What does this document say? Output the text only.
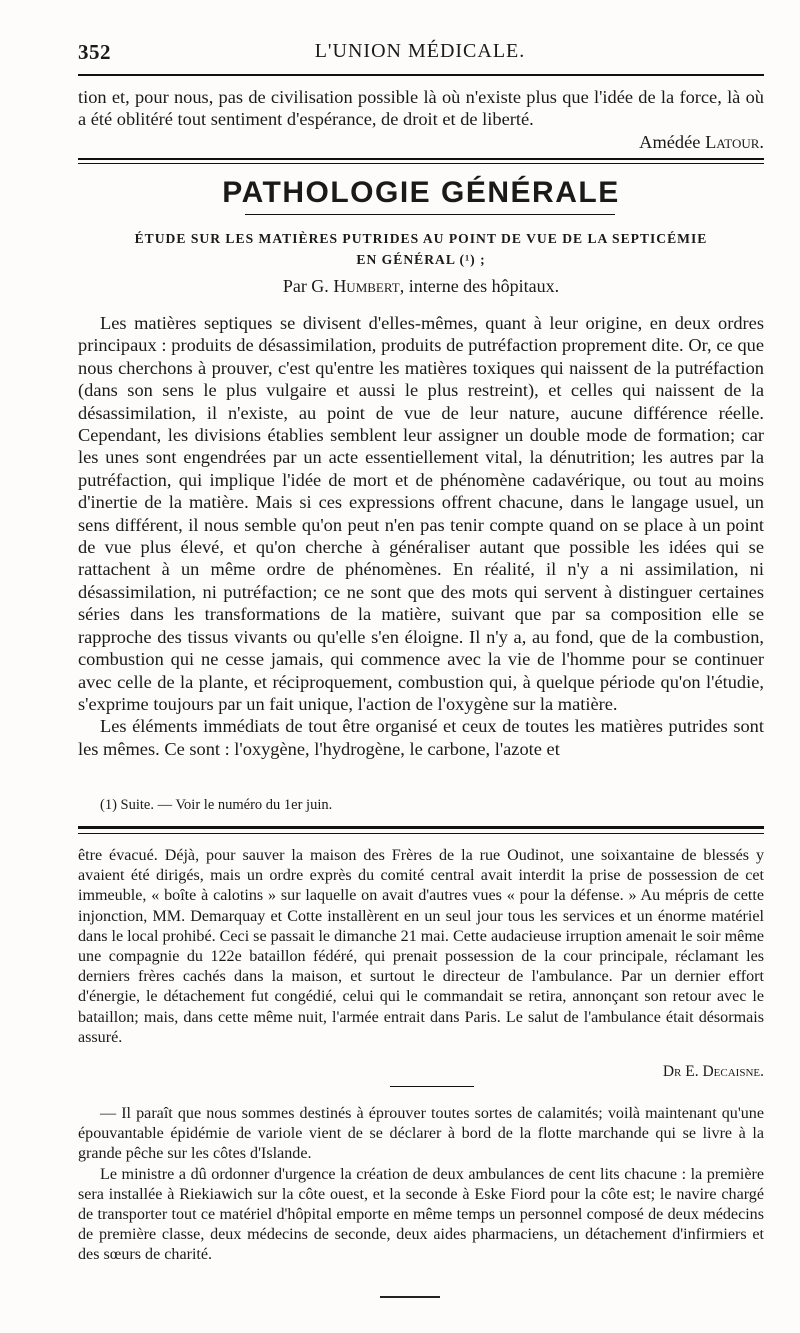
352	L'UNION MÉDICALE.

tion et, pour nous, pas de civilisation possible là où n'existe plus que l'idée de la force, là où a été oblitéré tout sentiment d'espérance, de droit et de liberté.

Amédée Latour.

PATHOLOGIE GÉNÉRALE
ÉTUDE SUR LES MATIÈRES PUTRIDES AU POINT DE VUE DE LA SEPTICÉMIE
EN GÉNÉRAL (¹) ;
Par G. Humbert, interne des hôpitaux.

Les matières septiques se divisent d'elles-mêmes, quant à leur origine, en deux ordres principaux : produits de désassimilation, produits de putréfaction proprement dite. Or, ce que nous cherchons à prouver, c'est qu'entre les matières toxiques qui naissent de la putréfaction (dans son sens le plus vulgaire et aussi le plus restreint), et celles qui naissent de la désassimilation, il n'existe, au point de vue de leur nature, aucune différence réelle. Cependant, les divisions établies semblent leur assigner un double mode de formation; car les unes sont engendrées par un acte essentiellement vital, la dénutrition; les autres par la putréfaction, qui implique l'idée de mort et de phénomène cadavérique, ou tout au moins d'inertie de la matière. Mais si ces expressions offrent chacune, dans le langage usuel, un sens différent, il nous semble qu'on peut n'en pas tenir compte quand on se place à un point de vue plus élevé, et qu'on cherche à généraliser autant que possible les idées qui se rattachent à un même ordre de phénomènes. En réalité, il n'y a ni assimilation, ni désassimilation, ni putréfaction; ce ne sont que des mots qui servent à distinguer certaines séries dans les transformations de la matière, suivant que par sa composition elle se rapproche des tissus vivants ou qu'elle s'en éloigne. Il n'y a, au fond, que de la combustion, combustion qui ne cesse jamais, qui commence avec la vie de l'homme pour se continuer avec celle de la plante, et réciproquement, combustion qui, à quelque période qu'on l'étudie, s'exprime toujours par un fait unique, l'action de l'oxygène sur la matière.

Les éléments immédiats de tout être organisé et ceux de toutes les matières putrides sont les mêmes. Ce sont : l'oxygène, l'hydrogène, le carbone, l'azote et

(1) Suite. — Voir le numéro du 1er juin.

être évacué. Déjà, pour sauver la maison des Frères de la rue Oudinot, une soixantaine de blessés y avaient été dirigés, mais un ordre exprès du comité central avait interdit la prise de possession de cet immeuble, « boîte à calotins » sur laquelle on avait d'autres vues « pour la défense. » Au mépris de cette injonction, MM. Demarquay et Cotte installèrent en un seul jour tous les services et un énorme matériel dans le local prohibé. Ceci se passait le dimanche 21 mai. Cette audacieuse irruption amenait le soir même une compagnie du 122e bataillon fédéré, qui prenait possession de la cour principale, réclamant les derniers frères cachés dans la maison, et surtout le directeur de l'ambulance. Par un dernier effort d'énergie, le détachement fut congédié, celui qui le commandait se retira, annonçant son retour avec le bataillon; mais, dans cette même nuit, l'armée entrait dans Paris. Le salut de l'ambulance était désormais assuré.

Dr E. Decaisne.

— Il paraît que nous sommes destinés à éprouver toutes sortes de calamités; voilà maintenant qu'une épouvantable épidémie de variole vient de se déclarer à bord de la flotte marchande qui se livre à la grande pêche sur les côtes d'Islande.

Le ministre a dû ordonner d'urgence la création de deux ambulances de cent lits chacune : la première sera installée à Riekiawich sur la côte ouest, et la seconde à Eske Fiord pour la côte est; le navire chargé de transporter tout ce matériel d'hôpital emporte en même temps un personnel composé de deux médecins de première classe, deux médecins de seconde, deux aides pharmaciens, un détachement d'infirmiers et des sœurs de charité.
